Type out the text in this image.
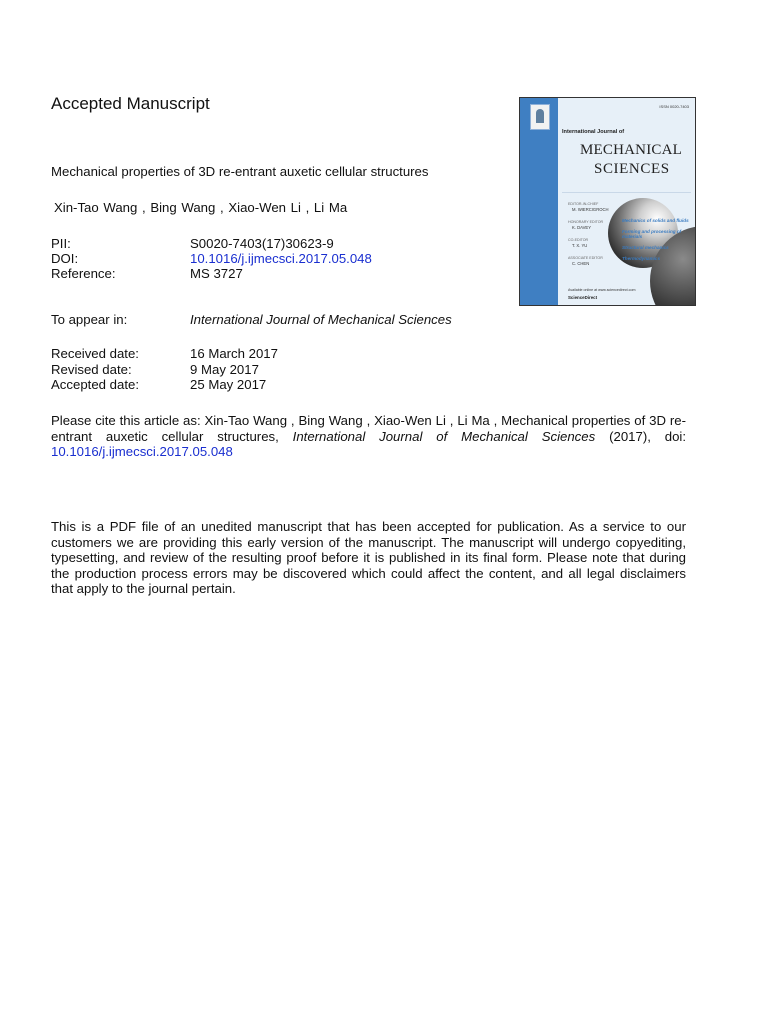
Accepted Manuscript
Mechanical properties of 3D re-entrant auxetic cellular structures
Xin-Tao Wang , Bing Wang , Xiao-Wen Li , Li Ma
PII:	S0020-7403(17)30623-9
DOI:	10.1016/j.ijmecsci.2017.05.048
Reference:	MS 3727
To appear in:	International Journal of Mechanical Sciences
Received date:	16 March 2017
Revised date:	9 May 2017
Accepted date:	25 May 2017
Please cite this article as: Xin-Tao Wang , Bing Wang , Xiao-Wen Li , Li Ma , Mechanical properties of 3D re-entrant auxetic cellular structures, International Journal of Mechanical Sciences (2017), doi: 10.1016/j.ijmecsci.2017.05.048
This is a PDF file of an unedited manuscript that has been accepted for publication. As a service to our customers we are providing this early version of the manuscript. The manuscript will undergo copyediting, typesetting, and review of the resulting proof before it is published in its final form. Please note that during the production process errors may be discovered which could affect the content, and all legal disclaimers that apply to the journal pertain.
ISSN 0020-7403
International Journal of
MECHANICAL
SCIENCES
EDITOR-IN-CHIEF
M. WIERCIGROCH
HONORARY EDITOR
K. DAVEY
CO-EDITOR
T. X. YU
ASSOCIATE EDITOR
C. CHEN
Mechanics of solids and fluids
Forming and processing of materials
Structural mechanics
Thermodynamics
Available online at www.sciencedirect.com
ScienceDirect
